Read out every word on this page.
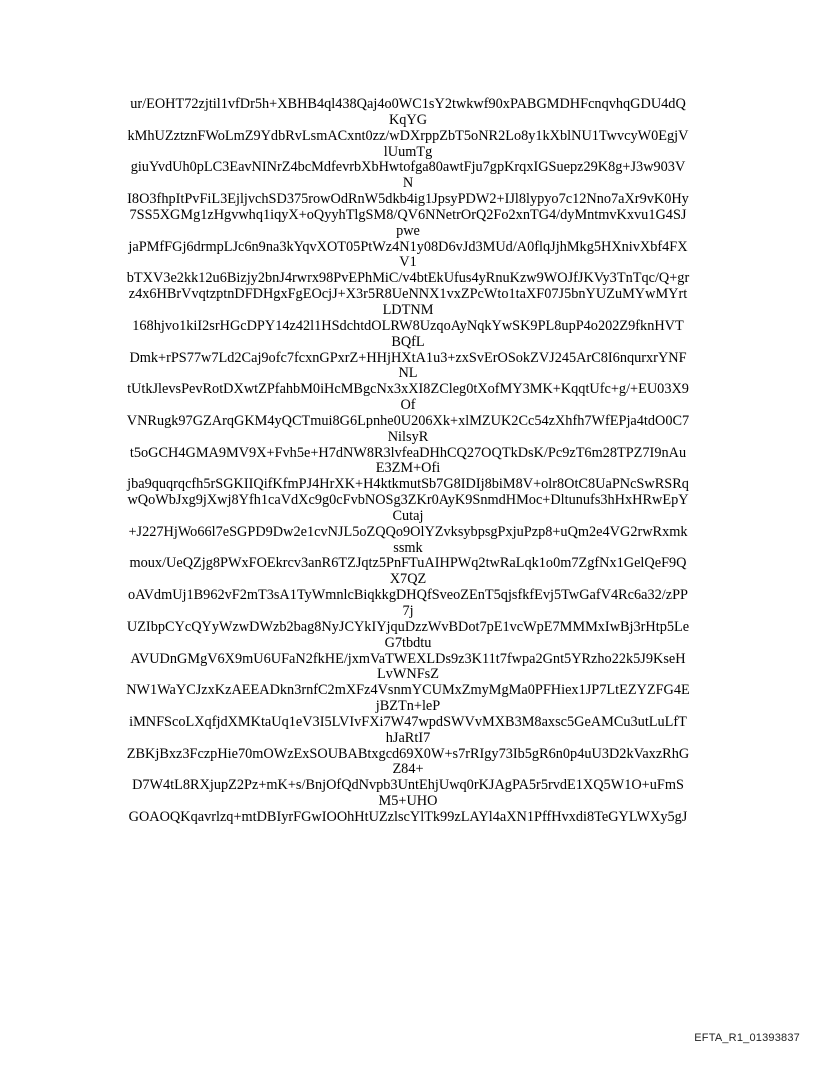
ur/EOHT72zjtil1vfDr5h+XBHB4ql438Qaj4o0WC1sY2twkwf90xPABGMDHFcnqvhqGDU4dQ
KqYG
kMhUZztznFWoLmZ9YdbRvLsmACxnt0zz/wDXrppZbT5oNR2Lo8y1kXblNU1TwvcyW0EgjV
lUumTg
giuYvdUh0pLC3EavNINrZ4bcMdfevrbXbHwtofga80awtFju7gpKrqxIGSuepz29K8g+J3w903V
N
I8O3fhpItPvFiL3EjljvchSD375rowOdRnW5dkb4ig1JpsyPDW2+IJl8lypyo7c12Nno7aXr9vK0Hy
7SS5XGMg1zHgvwhq1iqyX+oQyyhTlgSM8/QV6NNetrOrQ2Fo2xnTG4/dyMntmvKxvu1G4SJ
pwe
jaPMfFGj6drmpLJc6n9na3kYqvXOT05PtWz4N1y08D6vJd3MUd/A0flqJjhMkg5HXnivXbf4FX
V1
bTXV3e2kk12u6Bizjy2bnJ4rwrx98PvEPhMiC/v4btEkUfus4yRnuKzw9WOJfJKVy3TnTqc/Q+gr
z4x6HBrVvqtzptnDFDHgxFgEOcjJ+X3r5R8UeNNX1vxZPcWto1taXF07J5bnYUZuMYwMYrt
LDTNM
168hjvo1kiI2srHGcDPY14z42l1HSdchtdOLRW8UzqoAyNqkYwSK9PL8upP4o202Z9fknHVT
BQfL
Dmk+rPS77w7Ld2Caj9ofc7fcxnGPxrZ+HHjHXtA1u3+zxSvErOSokZVJ245ArC8I6nqurxrYNF
NL
tUtkJlevsPevRotDXwtZPfahbM0iHcMBgcNx3xXI8ZCleg0tXofMY3MK+KqqtUfc+g/+EU03X9
Of
VNRugk97GZArqGKM4yQCTmui8G6Lpnhe0U206Xk+xlMZUK2Cc54zXhfh7WfEPja4tdO0C7
NilsyR
t5oGCH4GMA9MV9X+Fvh5e+H7dNW8R3lvfeaDHhCQ27OQTkDsK/Pc9zT6m28TPZ7I9nAu
E3ZM+Ofi
jba9quqrqcfh5rSGKIIQifKfmPJ4HrXK+H4ktkmutSb7G8IDIj8biM8V+olr8OtC8UaPNcSwRSRq
wQoWbJxg9jXwj8Yfh1caVdXc9g0cFvbNOSg3ZKr0AyK9SnmdHMoc+Dltunufs3hHxHRwEpY
Cutaj
+J227HjWo66l7eSGPD9Dw2e1cvNJL5oZQQo9OlYZvksybpsgPxjuPzp8+uQm2e4VG2rwRxmk
ssmk
moux/UeQZjg8PWxFOEkrcv3anR6TZJqtz5PnFTuAIHPWq2twRaLqk1o0m7ZgfNx1GelQeF9Q
X7QZ
oAVdmUj1B962vF2mT3sA1TyWmnlcBiqkkgDHQfSveoZEnT5qjsfkfEvj5TwGafV4Rc6a32/zPP
7j
UZIbpCYcQYyWzwDWzb2bag8NyJCYkIYjquDzzWvBDot7pE1vcWpE7MMMxIwBj3rHtp5Le
G7tbdtu
AVUDnGMgV6X9mU6UFaN2fkHE/jxmVaTWEXLDs9z3K11t7fwpa2Gnt5YRzho22k5J9KseH
LvWNFsZ
NW1WaYCJzxKzAEEADkn3rnfC2mXFz4VsnmYCUMxZmyMgMa0PFHiex1JP7LtEZYZFG4E
jBZTn+leP
iMNFScoLXqfjdXMKtaUq1eV3I5LVIvFXi7W47wpdSWVvMXB3M8axsc5GeAMCu3utLuLfT
hJaRtI7
ZBKjBxz3FczpHie70mOWzExSOUBABtxgcd69X0W+s7rRIgy73Ib5gR6n0p4uU3D2kVaxzRhG
Z84+
D7W4tL8RXjupZ2Pz+mK+s/BnjOfQdNvpb3UntEhjUwq0rKJAgPA5r5rvdE1XQ5W1O+uFmS
M5+UHO
GOAOQKqavrlzq+mtDBIyrFGwIOOhHtUZzlscYlTk99zLAYl4aXN1PffHvxdi8TeGYLWXy5gJ
EFTA_R1_01393837
